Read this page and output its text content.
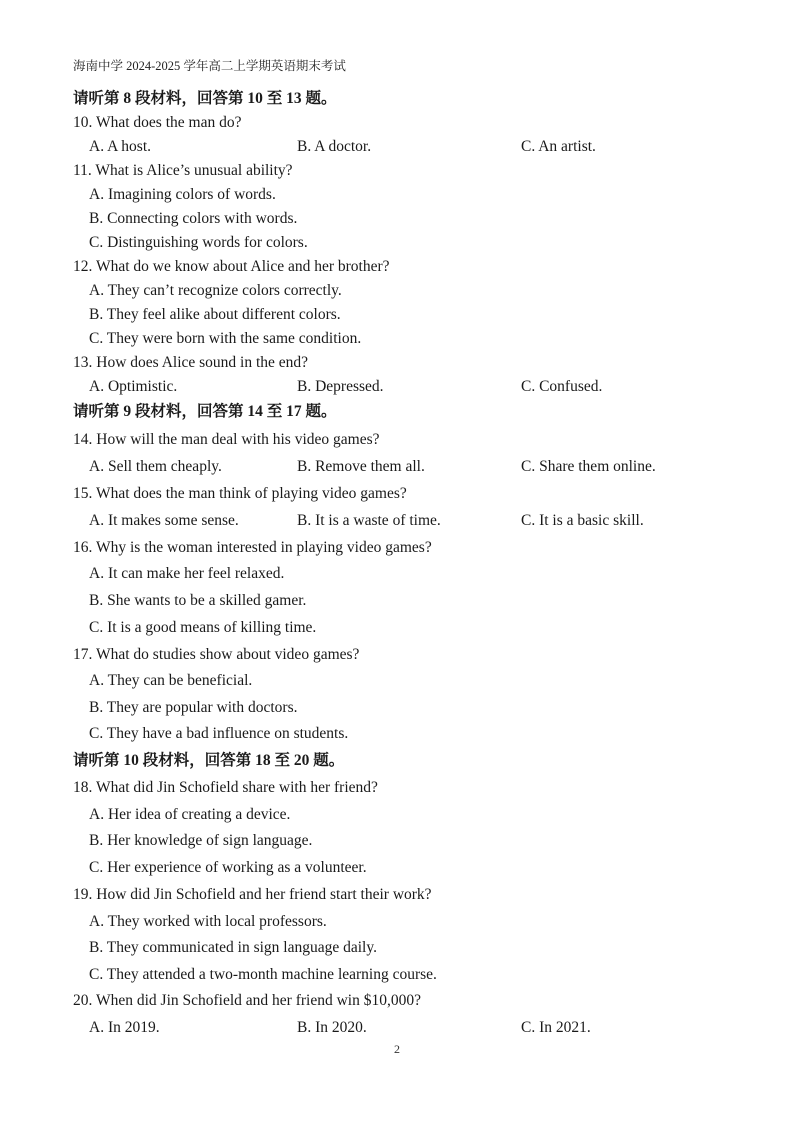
海南中学 2024-2025 学年高二上学期英语期末考试
请听第 8 段材料，回答第 10 至 13 题。
10. What does the man do?
A. A host.	B. A doctor.	C. An artist.
11. What is Alice’s unusual ability?
A. Imagining colors of words.
B. Connecting colors with words.
C. Distinguishing words for colors.
12. What do we know about Alice and her brother?
A. They can’t recognize colors correctly.
B. They feel alike about different colors.
C. They were born with the same condition.
13. How does Alice sound in the end?
A. Optimistic.	B. Depressed.	C. Confused.
请听第 9 段材料，回答第 14 至 17 题。
14. How will the man deal with his video games?
A. Sell them cheaply.	B. Remove them all.	C. Share them online.
15. What does the man think of playing video games?
A. It makes some sense.	B. It is a waste of time.	C. It is a basic skill.
16. Why is the woman interested in playing video games?
A. It can make her feel relaxed.
B. She wants to be a skilled gamer.
C. It is a good means of killing time.
17. What do studies show about video games?
A. They can be beneficial.
B. They are popular with doctors.
C. They have a bad influence on students.
请听第 10 段材料，回答第 18 至 20 题。
18. What did Jin Schofield share with her friend?
A. Her idea of creating a device.
B. Her knowledge of sign language.
C. Her experience of working as a volunteer.
19. How did Jin Schofield and her friend start their work?
A. They worked with local professors.
B. They communicated in sign language daily.
C. They attended a two-month machine learning course.
20. When did Jin Schofield and her friend win $10,000?
A. In 2019.	B. In 2020.	C. In 2021.
2
